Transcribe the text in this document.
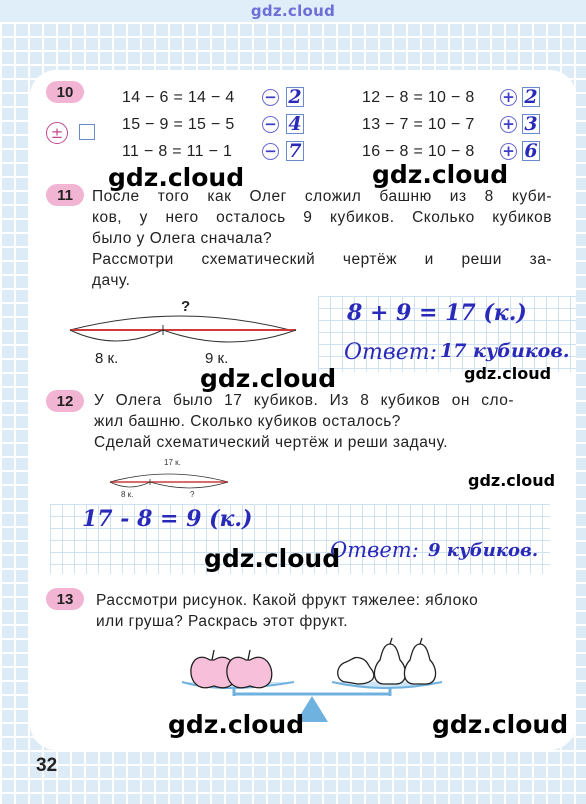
gdz.cloud
10
±
14 − 6 = 14 − 4 − 2
15 − 9 = 15 − 5 − 4
11 − 8 = 11 − 1 − 7
12 − 8 = 10 − 8 + 2
13 − 7 = 10 − 7 + 3
16 − 8 = 10 − 8 + 6
gdz.cloud	gdz.cloud
11	После того как Олег сложил башню из 8 куби-
ков, у него осталось 9 кубиков. Сколько кубиков
было у Олега сначала?
Рассмотри схематический чертёж и реши за-
дачу.
?
8 к.	9 к.
8 + 9 = 17 (к.)
Ответ: 17 кубиков.
gdz.cloud	gdz.cloud
12	У Олега было 17 кубиков. Из 8 кубиков он сло-
жил башню. Сколько кубиков осталось?
Сделай схематический чертёж и реши задачу.
17 к.
8 к.	?
gdz.cloud
17 - 8 = 9 (к.)
Ответ: 9 кубиков.
gdz.cloud
13	Рассмотри рисунок. Какой фрукт тяжелее: яблоко
или груша? Раскрась этот фрукт.
gdz.cloud	gdz.cloud
32
